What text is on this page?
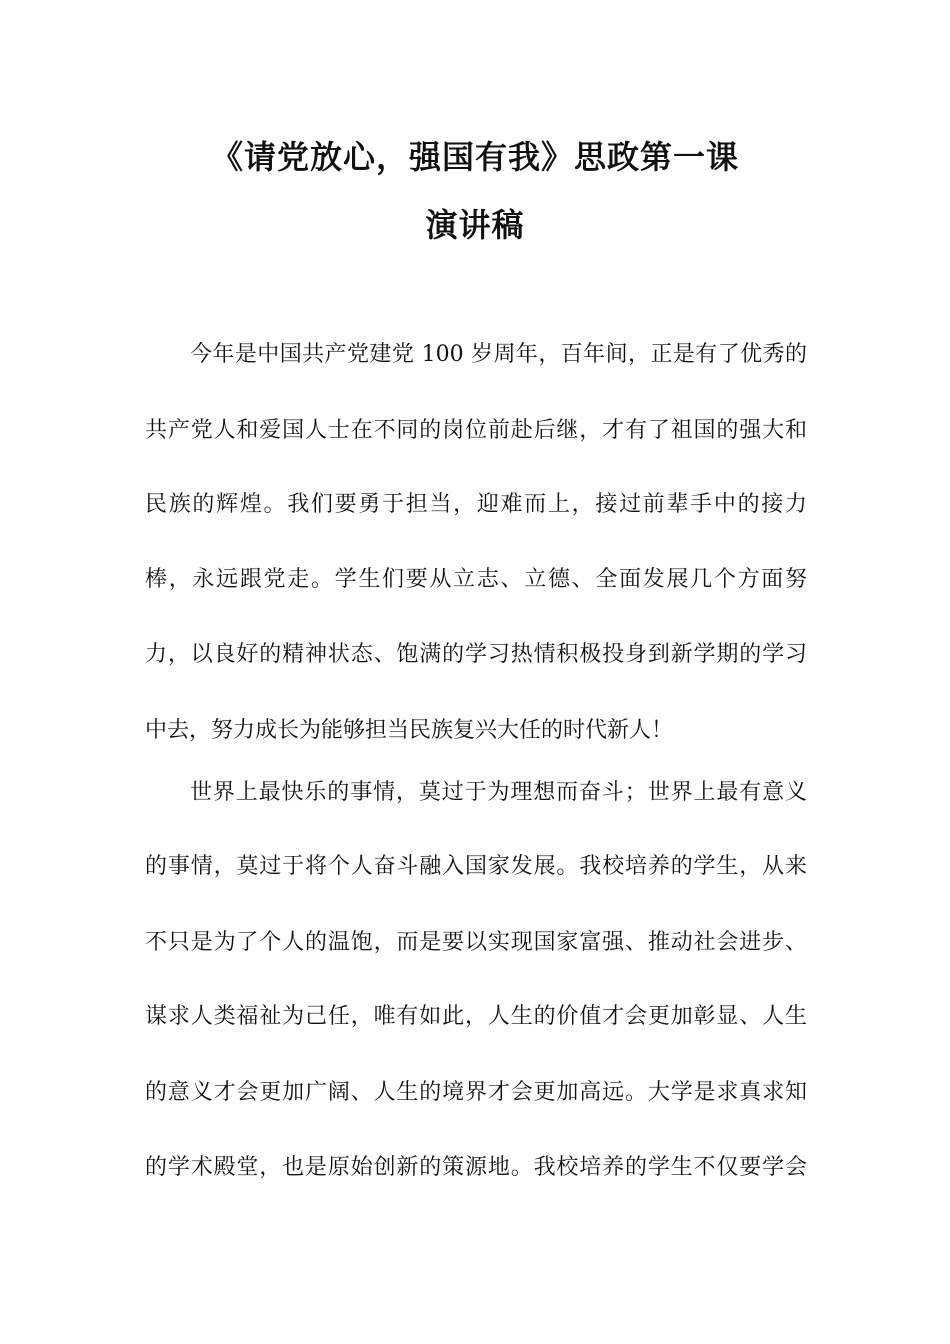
《请党放心，强国有我》思政第一课
演讲稿
今年是中国共产党建党 100 岁周年，百年间，正是有了优秀的
共产党人和爱国人士在不同的岗位前赴后继，才有了祖国的强大和
民族的辉煌。我们要勇于担当，迎难而上，接过前辈手中的接力
棒，永远跟党走。学生们要从立志、立德、全面发展几个方面努
力，以良好的精神状态、饱满的学习热情积极投身到新学期的学习
中去，努力成长为能够担当民族复兴大任的时代新人！
世界上最快乐的事情，莫过于为理想而奋斗；世界上最有意义
的事情，莫过于将个人奋斗融入国家发展。我校培养的学生，从来
不只是为了个人的温饱，而是要以实现国家富强、推动社会进步、
谋求人类福祉为己任，唯有如此，人生的价值才会更加彰显、人生
的意义才会更加广阔、人生的境界才会更加高远。大学是求真求知
的学术殿堂，也是原始创新的策源地。我校培养的学生不仅要学会
